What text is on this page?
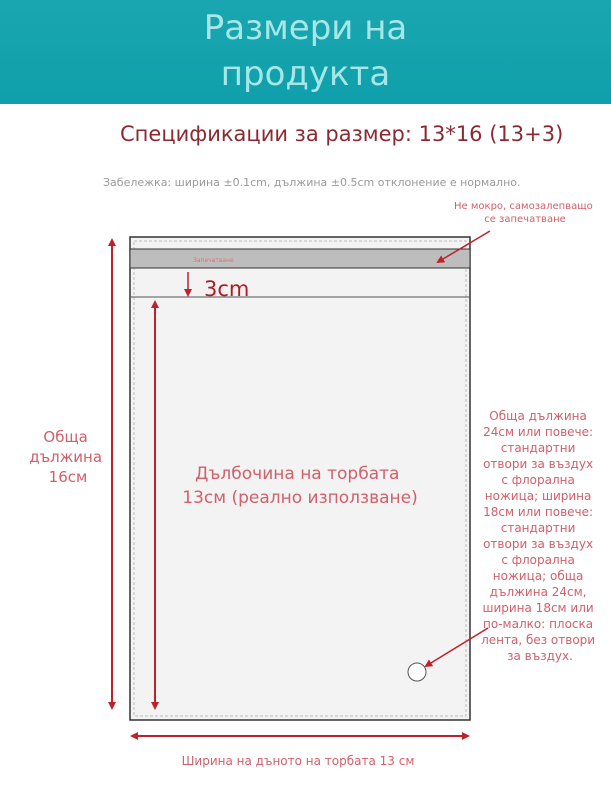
Размери на
продукта
Спецификации за размер: 13*16 (13+3)
Забележка: ширина ±0.1cm, дължина ±0.5cm отклонение е нормално.
Запечатване
3cm
Не мокро, самозалепващо се запечатване
Обща дължина 16см	Дълбочина на торбата 13см (реално използване)
Обща дължина 24см или повече: стандартни отвори за въздух с флорална ножица; ширина 18см или повече: стандартни отвори за въздух с флорална ножица; обща дължина 24см, ширина 18см или по-малко: плоска лента, без отвори за въздух.
Ширина на дъното на торбата 13 см
